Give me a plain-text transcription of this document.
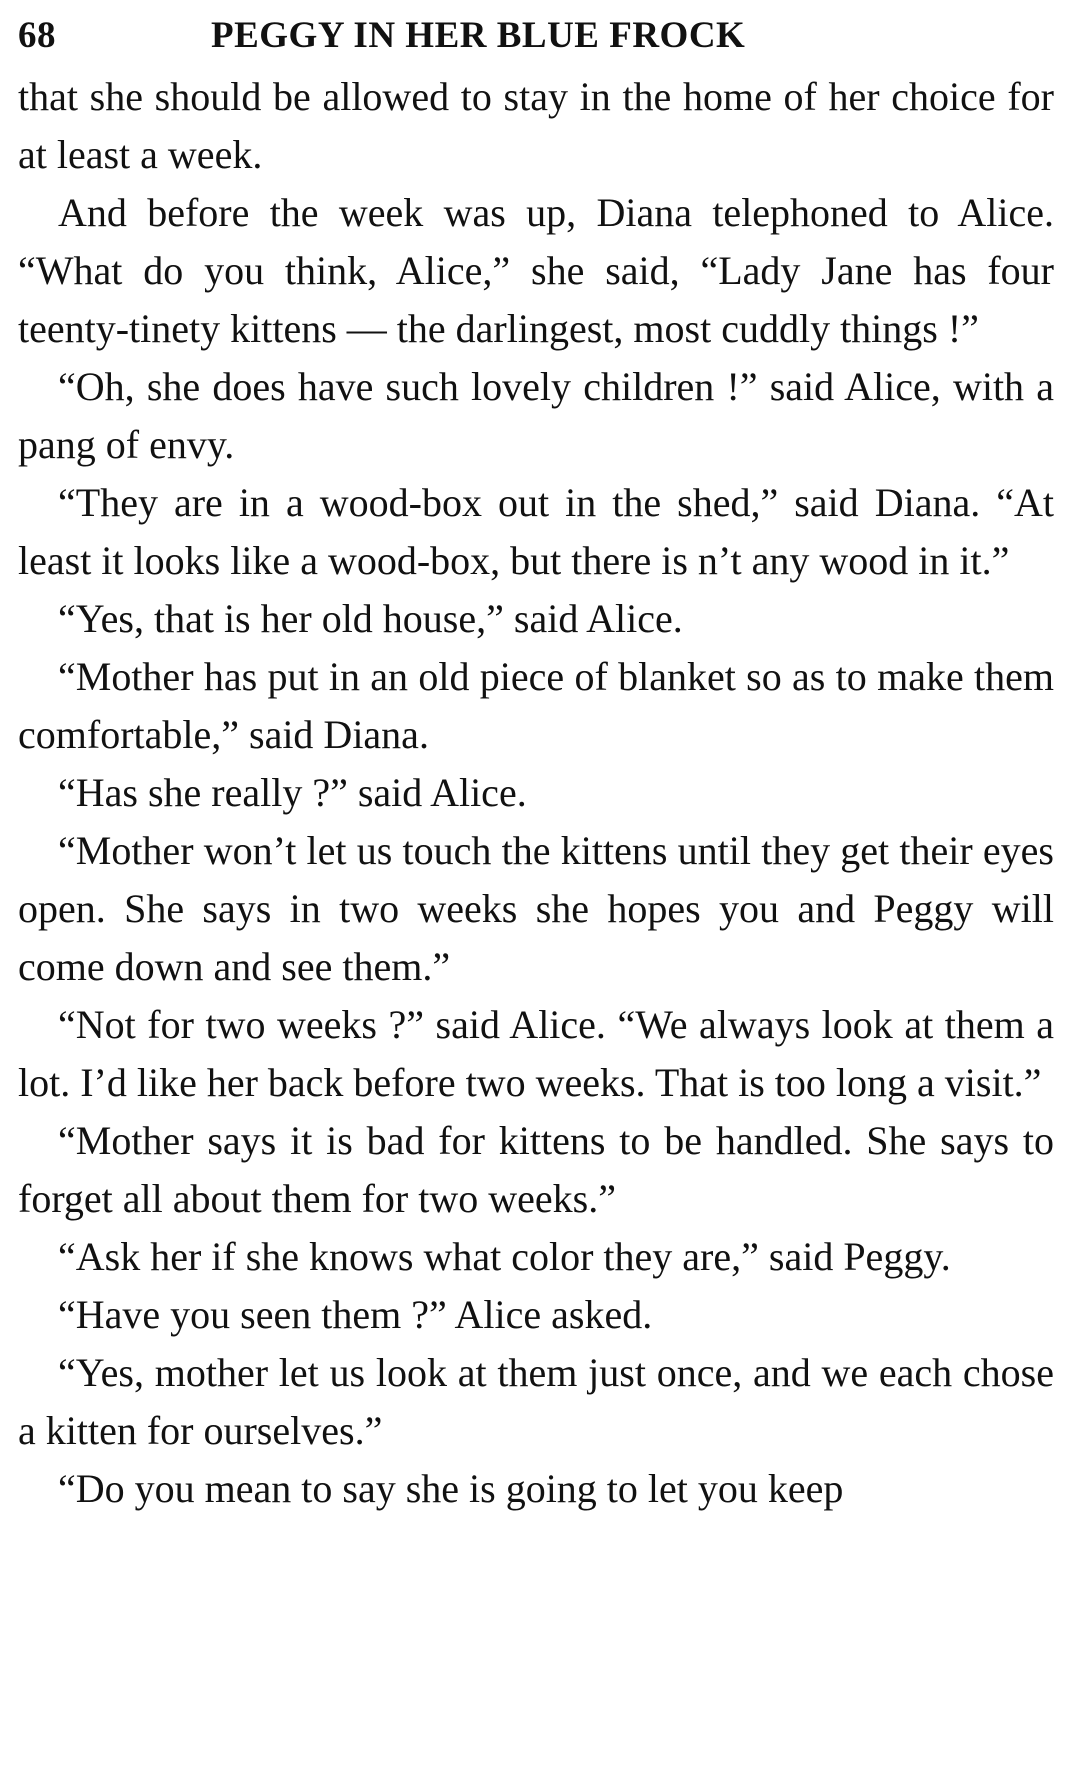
68	PEGGY IN HER BLUE FROCK

that she should be allowed to stay in the home of her choice for at least a week.

And before the week was up, Diana telephoned to Alice. “What do you think, Alice,” she said, “Lady Jane has four teenty-tinety kittens — the darlingest, most cuddly things !”

“Oh, she does have such lovely children !” said Alice, with a pang of envy.

“They are in a wood-box out in the shed,” said Diana. “At least it looks like a wood-box, but there is n’t any wood in it.”

“Yes, that is her old house,” said Alice.

“Mother has put in an old piece of blanket so as to make them comfortable,” said Diana.

“Has she really ?” said Alice.

“Mother won’t let us touch the kittens until they get their eyes open. She says in two weeks she hopes you and Peggy will come down and see them.”

“Not for two weeks ?” said Alice. “We always look at them a lot. I’d like her back before two weeks. That is too long a visit.”

“Mother says it is bad for kittens to be handled. She says to forget all about them for two weeks.”

“Ask her if she knows what color they are,” said Peggy.

“Have you seen them ?” Alice asked.

“Yes, mother let us look at them just once, and we each chose a kitten for ourselves.”

“Do you mean to say she is going to let you keep
